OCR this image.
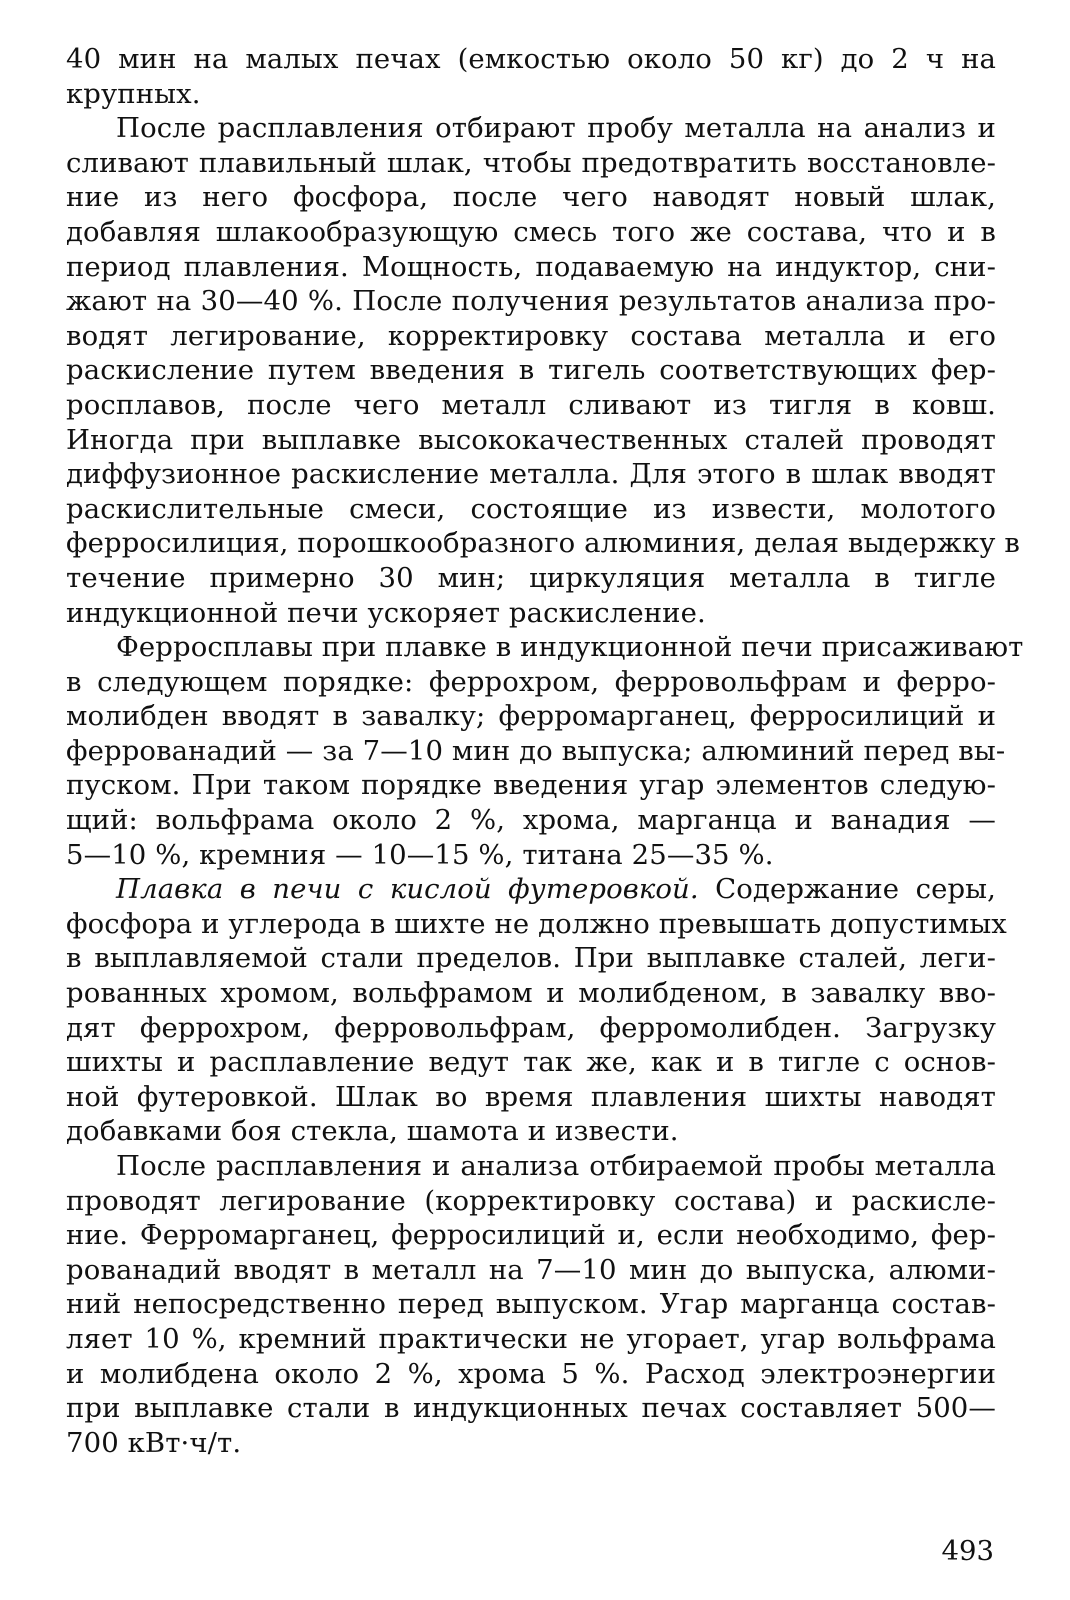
40 мин на малых печах (емкостью около 50 кг) до 2 ч на
крупных.
После расплавления отбирают пробу металла на анализ и
сливают плавильный шлак, чтобы предотвратить восстановле-
ние из него фосфора, после чего наводят новый шлак,
добавляя шлакообразующую смесь того же состава, что и в
период плавления. Мощность, подаваемую на индуктор, сни-
жают на 30—40 %. После получения результатов анализа про-
водят легирование, корректировку состава металла и его
раскисление путем введения в тигель соответствующих фер-
росплавов, после чего металл сливают из тигля в ковш.
Иногда при выплавке высококачественных сталей проводят
диффузионное раскисление металла. Для этого в шлак вводят
раскислительные смеси, состоящие из извести, молотого
ферросилиция, порошкообразного алюминия, делая выдержку в
течение примерно 30 мин; циркуляция металла в тигле
индукционной печи ускоряет раскисление.
Ферросплавы при плавке в индукционной печи присаживают
в следующем порядке: феррохром, ферровольфрам и ферро-
молибден вводят в завалку; ферромарганец, ферросилиций и
феррованадий — за 7—10 мин до выпуска; алюминий перед вы-
пуском. При таком порядке введения угар элементов следую-
щий: вольфрама около 2 %, хрома, марганца и ванадия —
5—10 %, кремния — 10—15 %, титана 25—35 %.
Плавка в печи с кислой футеровкой. Содержание серы,
фосфора и углерода в шихте не должно превышать допустимых
в выплавляемой стали пределов. При выплавке сталей, леги-
рованных хромом, вольфрамом и молибденом, в завалку вво-
дят феррохром, ферровольфрам, ферромолибден. Загрузку
шихты и расплавление ведут так же, как и в тигле с основ-
ной футеровкой. Шлак во время плавления шихты наводят
добавками боя стекла, шамота и извести.
После расплавления и анализа отбираемой пробы металла
проводят легирование (корректировку состава) и раскисле-
ние. Ферромарганец, ферросилиций и, если необходимо, фер-
рованадий вводят в металл на 7—10 мин до выпуска, алюми-
ний непосредственно перед выпуском. Угар марганца состав-
ляет 10 %, кремний практически не угорает, угар вольфрама
и молибдена около 2 %, хрома 5 %. Расход электроэнергии
при выплавке стали в индукционных печах составляет 500—
700 кВт·ч/т.
493
